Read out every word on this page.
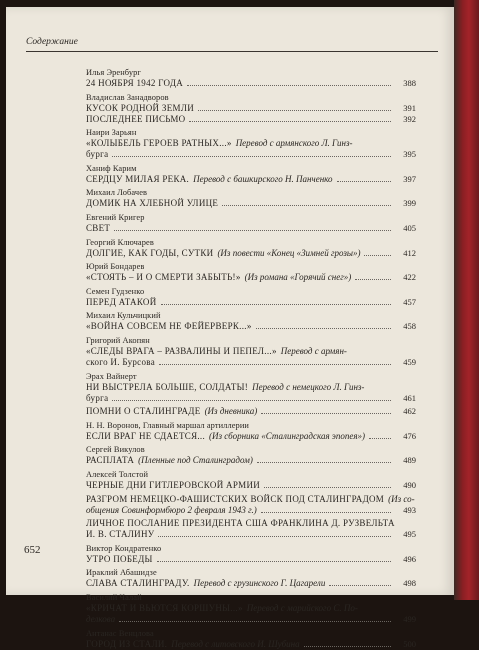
Содержание
Илья Эренбург
24 НОЯБРЯ 1942 ГОДА	388
Владислав Занадворов
КУСОК РОДНОЙ ЗЕМЛИ	391
ПОСЛЕДНЕЕ ПИСЬМО	392
Наири Зарьян
«КОЛЫБЕЛЬ ГЕРОЕВ РАТНЫХ...» Перевод с армянского Л. Гинз-
бурга	395
Ханиф Карим
СЕРДЦУ МИЛАЯ РЕКА. Перевод с башкирского Н. Панченко	397
Михаил Лобачев
ДОМИК НА ХЛЕБНОЙ УЛИЦЕ	399
Евгений Кригер
СВЕТ	405
Георгий Ключарев
ДОЛГИЕ, КАК ГОДЫ, СУТКИ (Из повести «Конец «Зимней грозы»)	412
Юрий Бондарев
«СТОЯТЬ – И О СМЕРТИ ЗАБЫТЬ!» (Из романа «Горячий снег»)	422
Семен Гудзенко
ПЕРЕД АТАКОЙ	457
Михаил Кульчицкий
«ВОЙНА СОВСЕМ НЕ ФЕЙЕРВЕРК...»	458
Григорий Акопян
«СЛЕДЫ ВРАГА – РАЗВАЛИНЫ И ПЕПЕЛ...» Перевод с армян-
ского И. Бурсова	459
Эрах Вайнерт
НИ ВЫСТРЕЛА БОЛЬШЕ, СОЛДАТЫ! Перевод с немецкого Л. Гинз-
бурга	461
ПОМНИ О СТАЛИНГРАДЕ (Из дневника)	462
Н. Н. Воронов, Главный маршал артиллерии
ЕСЛИ ВРАГ НЕ СДАЕТСЯ... (Из сборника «Сталинградская эпопея»)	476
Сергей Викулов
РАСПЛАТА (Пленные под Сталинградом)	489
Алексей Толстой
ЧЕРНЫЕ ДНИ ГИТЛЕРОВСКОЙ АРМИИ	490
РАЗГРОМ НЕМЕЦКО-ФАШИСТСКИХ ВОЙСК ПОД СТАЛИНГРАДОМ (Из со-
общения Совинформбюро 2 февраля 1943 г.)	493
ЛИЧНОЕ ПОСЛАНИЕ ПРЕЗИДЕНТА США ФРАНКЛИНА Д. РУЗВЕЛЬТА
И. В. СТАЛИНУ	495
Виктор Кондратенко
УТРО ПОБЕДЫ	496
Ираклий Абашидзе
СЛАВА СТАЛИНГРАДУ. Перевод с грузинского Г. Цагарели	498
Василий Чалай
«КРИЧАТ И ВЬЮТСЯ КОРШУНЫ...» Перевод с марийского С. По-
делкова	499
Антанас Венцлова
ГОРОД ИЗ СТАЛИ. Перевод с литовского И. Шубина	500
652
